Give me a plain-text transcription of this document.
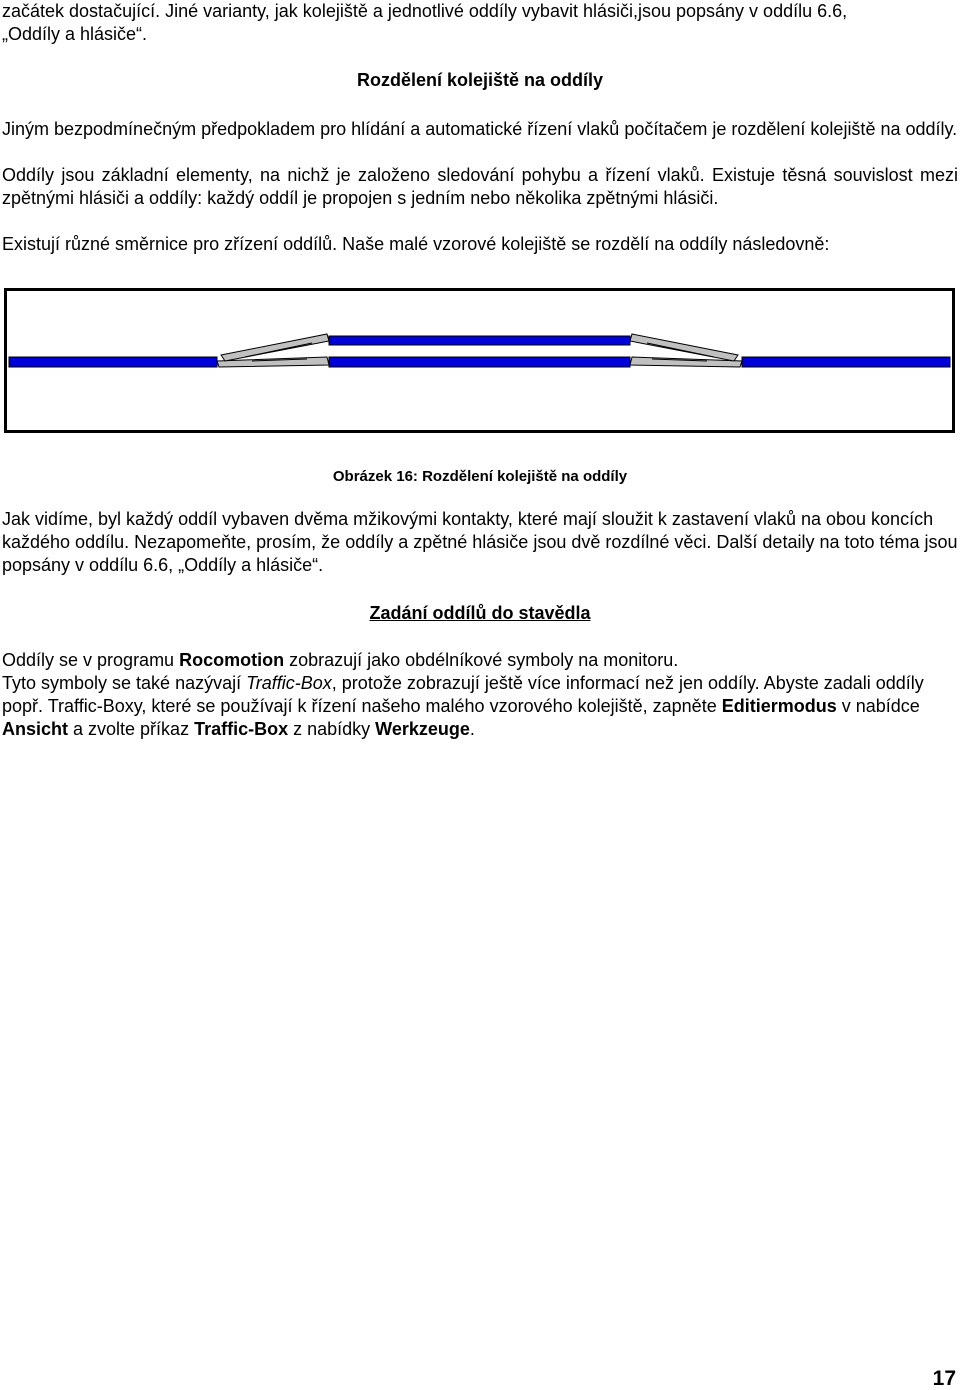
začátek dostačující. Jiné varianty, jak kolejiště a jednotlivé oddíly vybavit hlásiči,jsou popsány v oddílu 6.6,
„Oddíly a hlásiče“.
Rozdělení kolejiště na oddíly

Jiným bezpodmínečným předpokladem pro hlídání a automatické řízení vlaků počítačem je rozdělení kolejiště na oddíly.

Oddíly jsou základní elementy, na nichž je založeno sledování pohybu a řízení vlaků. Existuje těsná souvislost mezi zpětnými hlásiči a oddíly: každý oddíl je propojen s jedním nebo několika zpětnými hlásiči.

Existují různé směrnice pro zřízení oddílů. Naše malé vzorové kolejiště se rozdělí na oddíly následovně:

Obrázek 16: Rozdělení kolejiště na oddíly

Jak vidíme, byl každý oddíl vybaven dvěma mžikovými kontakty, které mají sloužit k zastavení vlaků na obou koncích každého oddílu. Nezapomeňte, prosím, že oddíly a zpětné hlásiče jsou dvě rozdílné věci. Další detaily na toto téma jsou popsány v oddílu 6.6, „Oddíly a hlásiče“.

Zadání oddílů do stavědla

Oddíly se v programu Rocomotion zobrazují jako obdélníkové symboly na monitoru.

Tyto symboly se také nazývají Traffic-Box, protože zobrazují ještě více informací než jen oddíly. Abyste zadali oddíly popř. Traffic-Boxy, které se používají k řízení našeho malého vzorového kolejiště, zapněte Editiermodus v nabídce Ansicht a zvolte příkaz Traffic-Box z nabídky Werkzeuge.

17
